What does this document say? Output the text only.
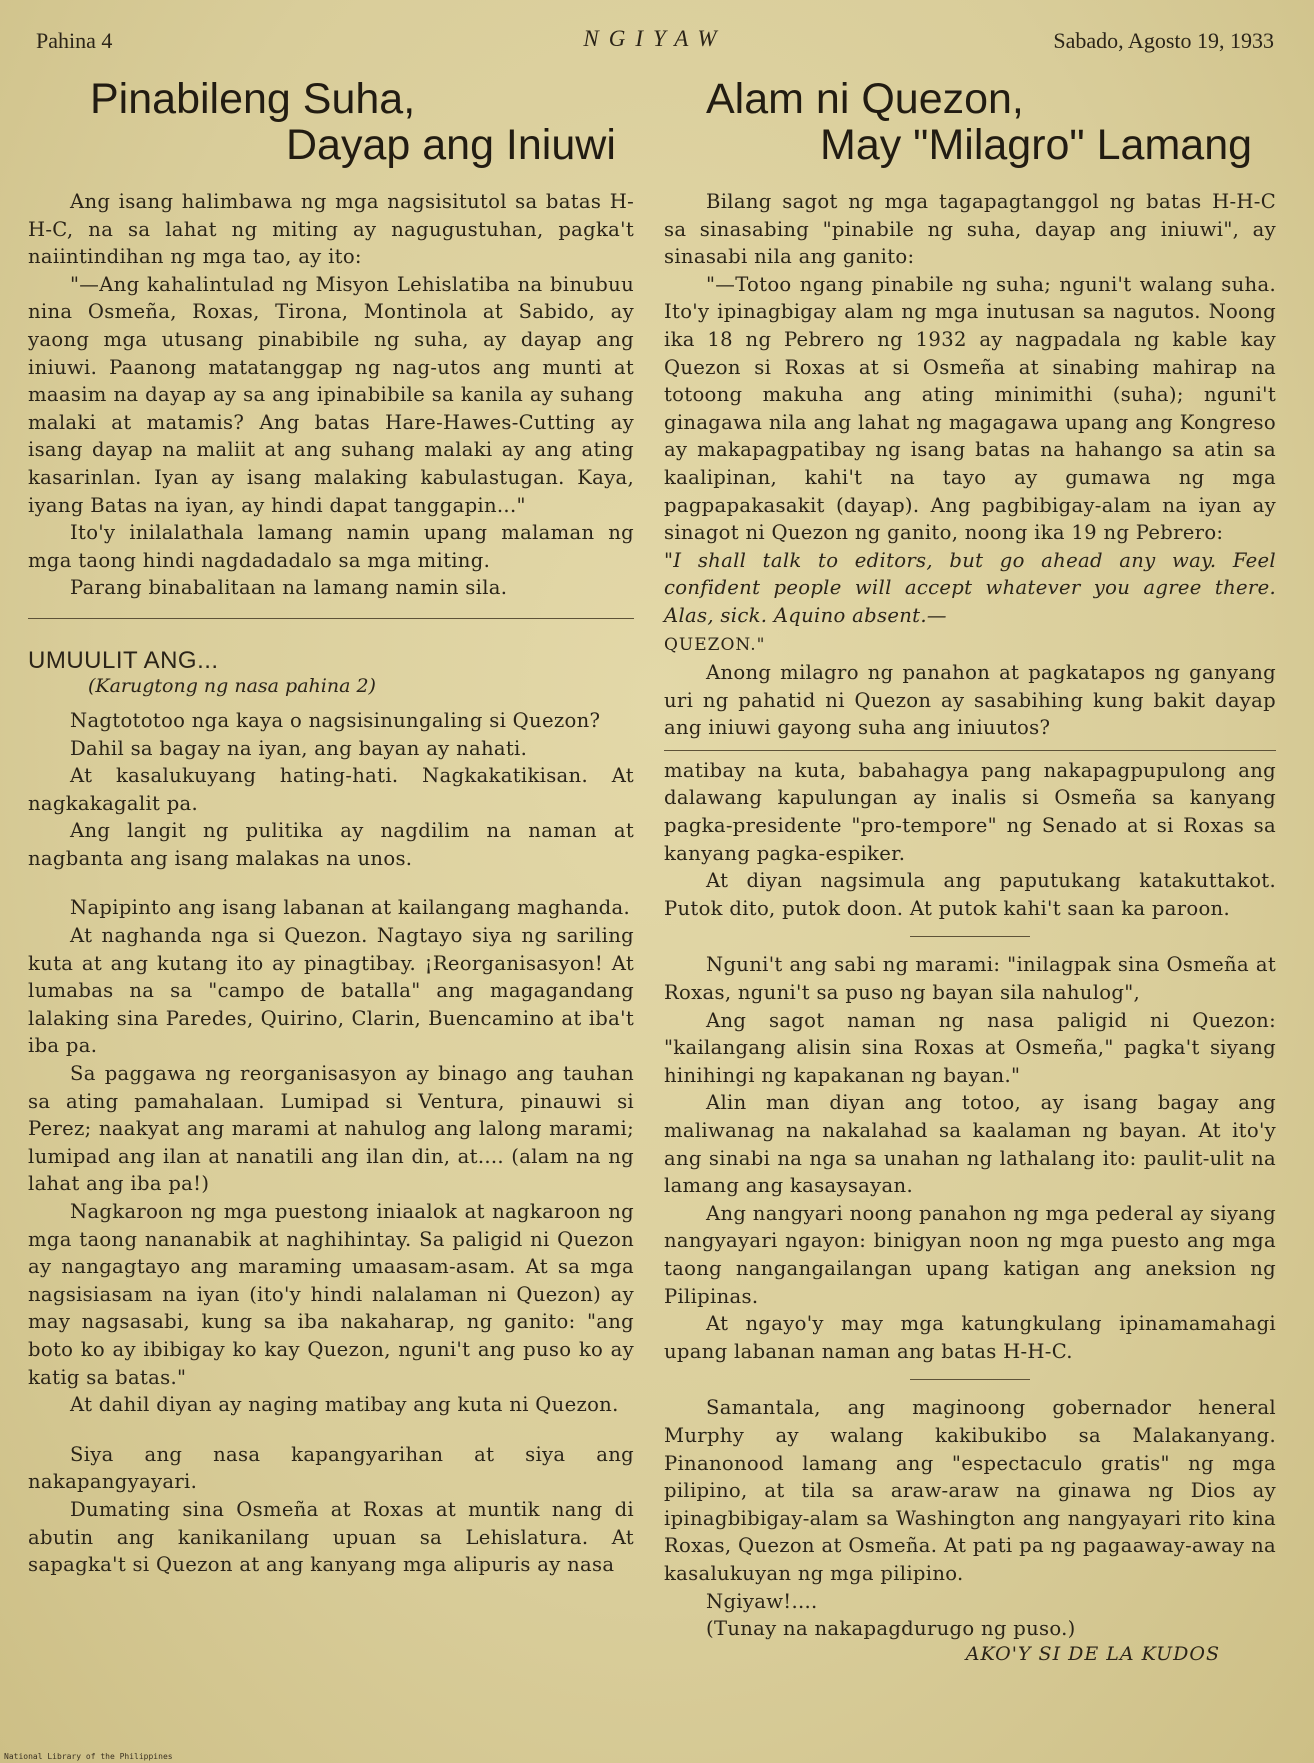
Pahina 4	NGIYAW	Sabado, Agosto 19, 1933
Pinabileng Suha,
Dayap ang Iniuwi

Ang isang halimbawa ng mga nagsisitutol sa batas H-H-C, na sa lahat ng miting ay nagugustuhan, pagka't naiintindihan ng mga tao, ay ito:

"—Ang kahalintulad ng Misyon Lehislatiba na binubuu nina Osmeña, Roxas, Tirona, Montinola at Sabido, ay yaong mga utusang pinabibile ng suha, ay dayap ang iniuwi. Paanong matatanggap ng nag-utos ang munti at maasim na dayap ay sa ang ipinabibile sa kanila ay suhang malaki at matamis? Ang batas Hare-Hawes-Cutting ay isang dayap na maliit at ang suhang malaki ay ang ating kasarinlan. Iyan ay isang malaking kabulastugan. Kaya, iyang Batas na iyan, ay hindi dapat tanggapin..."

Ito'y inilalathala lamang namin upang malaman ng mga taong hindi nagdadadalo sa mga miting.

Parang binabalitaan na lamang namin sila.

UMUULIT ANG...
(Karugtong ng nasa pahina 2)

Nagtototoo nga kaya o nagsisinungaling si Quezon?

Dahil sa bagay na iyan, ang bayan ay nahati.

At kasalukuyang hating-hati. Nagkakatikisan. At nagkakagalit pa.

Ang langit ng pulitika ay nagdilim na naman at nagbanta ang isang malakas na unos.

Napipinto ang isang labanan at kailangang maghanda.

At naghanda nga si Quezon. Nagtayo siya ng sariling kuta at ang kutang ito ay pinagtibay. ¡Reorganisasyon! At lumabas na sa "campo de batalla" ang magagandang lalaking sina Paredes, Quirino, Clarin, Buencamino at iba't iba pa.

Sa paggawa ng reorganisasyon ay binago ang tauhan sa ating pamahalaan. Lumipad si Ventura, pinauwi si Perez; naakyat ang marami at nahulog ang lalong marami; lumipad ang ilan at nanatili ang ilan din, at.... (alam na ng lahat ang iba pa!)

Nagkaroon ng mga puestong iniaalok at nagkaroon ng mga taong nananabik at naghihintay. Sa paligid ni Quezon ay nangagtayo ang maraming umaasam-asam. At sa mga nagsisiasam na iyan (ito'y hindi nalalaman ni Quezon) ay may nagsasabi, kung sa iba nakaharap, ng ganito: "ang boto ko ay ibibigay ko kay Quezon, nguni't ang puso ko ay katig sa batas."

At dahil diyan ay naging matibay ang kuta ni Quezon.

Siya ang nasa kapangyarihan at siya ang nakapangyayari.

Dumating sina Osmeña at Roxas at muntik nang di abutin ang kanikanilang upuan sa Lehislatura. At sapagka't si Quezon at ang kanyang mga alipuris ay nasa

Alam ni Quezon,
May "Milagro" Lamang

Bilang sagot ng mga tagapagtanggol ng batas H-H-C sa sinasabing "pinabile ng suha, dayap ang iniuwi", ay sinasabi nila ang ganito:

"—Totoo ngang pinabile ng suha; nguni't walang suha. Ito'y ipinagbigay alam ng mga inutusan sa nagutos. Noong ika 18 ng Pebrero ng 1932 ay nagpadala ng kable kay Quezon si Roxas at si Osmeña at sinabing mahirap na totoong makuha ang ating minimithi (suha); nguni't ginagawa nila ang lahat ng magagawa upang ang Kongreso ay makapagpatibay ng isang batas na hahango sa atin sa kaalipinan, kahi't na tayo ay gumawa ng mga pagpapakasakit (dayap). Ang pagbibigay-alam na iyan ay sinagot ni Quezon ng ganito, noong ika 19 ng Pebrero:

"I shall talk to editors, but go ahead any way. Feel confident people will accept whatever you agree there. Alas, sick. Aquino absent.—

QUEZON."

Anong milagro ng panahon at pagkatapos ng ganyang uri ng pahatid ni Quezon ay sasabihing kung bakit dayap ang iniuwi gayong suha ang iniuutos?

matibay na kuta, babahagya pang nakapagpupulong ang dalawang kapulungan ay inalis si Osmeña sa kanyang pagka-presidente "pro-tempore" ng Senado at si Roxas sa kanyang pagka-espiker.

At diyan nagsimula ang paputukang katakuttakot. Putok dito, putok doon. At putok kahi't saan ka paroon.

Nguni't ang sabi ng marami: "inilagpak sina Osmeña at Roxas, nguni't sa puso ng bayan sila nahulog",

Ang sagot naman ng nasa paligid ni Quezon: "kailangang alisin sina Roxas at Osmeña," pagka't siyang hinihingi ng kapakanan ng bayan."

Alin man diyan ang totoo, ay isang bagay ang maliwanag na nakalahad sa kaalaman ng bayan. At ito'y ang sinabi na nga sa unahan ng lathalang ito: paulit-ulit na lamang ang kasaysayan.

Ang nangyari noong panahon ng mga pederal ay siyang nangyayari ngayon: binigyan noon ng mga puesto ang mga taong nangangailangan upang katigan ang aneksion ng Pilipinas.

At ngayo'y may mga katungkulang ipinamamahagi upang labanan naman ang batas H-H-C.

Samantala, ang maginoong gobernador heneral Murphy ay walang kakibukibo sa Malakanyang. Pinanonood lamang ang "espectaculo gratis" ng mga pilipino, at tila sa araw-araw na ginawa ng Dios ay ipinagbibigay-alam sa Washington ang nangyayari rito kina Roxas, Quezon at Osmeña. At pati pa ng pagaaway-away na kasalukuyan ng mga pilipino.

Ngiyaw!....

(Tunay na nakapagdurugo ng puso.)

AKO'Y SI DE LA KUDOS
National Library of the Philippines
